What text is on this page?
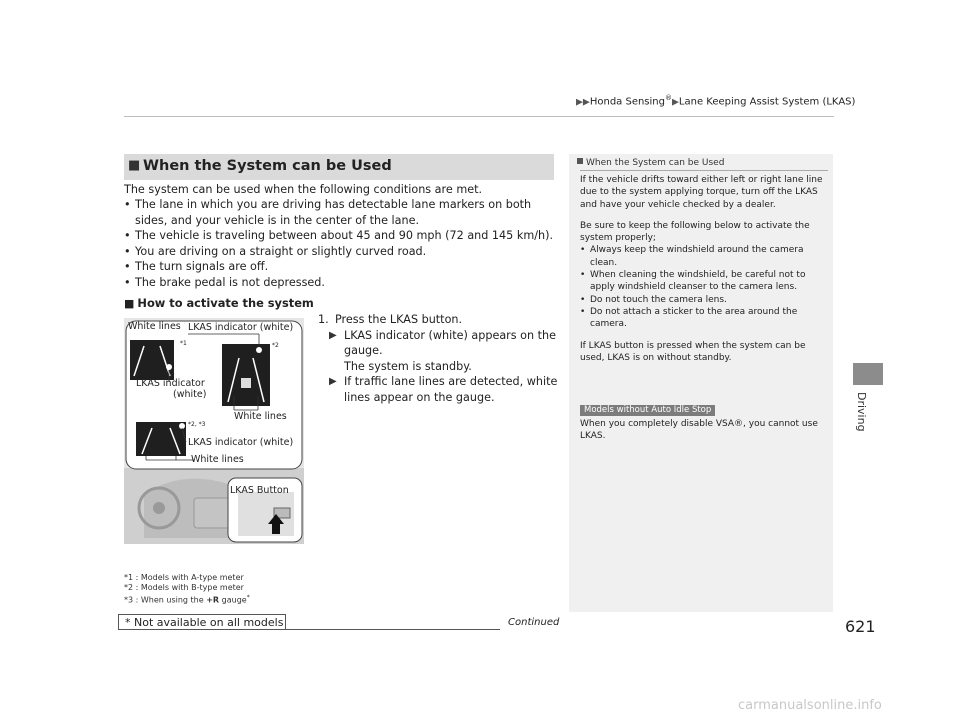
▶▶Honda Sensing®▶Lane Keeping Assist System (LKAS)
Driving
■ When the System can be Used
The system can be used when the following conditions are met.
• The lane in which you are driving has detectable lane markers on both sides, and your vehicle is in the center of the lane.
• The vehicle is traveling between about 45 and 90 mph (72 and 145 km/h).
• You are driving on a straight or slightly curved road.
• The turn signals are off.
• The brake pedal is not depressed.
■ How to activate the system
1. Press the LKAS button.
▶ LKAS indicator (white) appears on the gauge.
The system is standby.
▶ If traffic lane lines are detected, white lines appear on the gauge.
White lines LKAS indicator (white)
*1	*2
LKAS indicator
(white)
White lines
*2, *3
LKAS indicator (white)
White lines
LKAS Button
*1 : Models with A-type meter
*2 : Models with B-type meter
*3 : When using the +R gauge*
When the System can be Used

If the vehicle drifts toward either left or right lane line due to the system applying torque, turn off the LKAS and have your vehicle checked by a dealer.

Be sure to keep the following below to activate the system properly;

• Always keep the windshield around the camera clean.
• When cleaning the windshield, be careful not to apply windshield cleanser to the camera lens.
• Do not touch the camera lens.
• Do not attach a sticker to the area around the camera.

If LKAS button is pressed when the system can be used, LKAS is on without standby.

Models without Auto Idle Stop
When you completely disable VSA®, you cannot use LKAS.
* Not available on all models	Continued	621
carmanualsonline.info
